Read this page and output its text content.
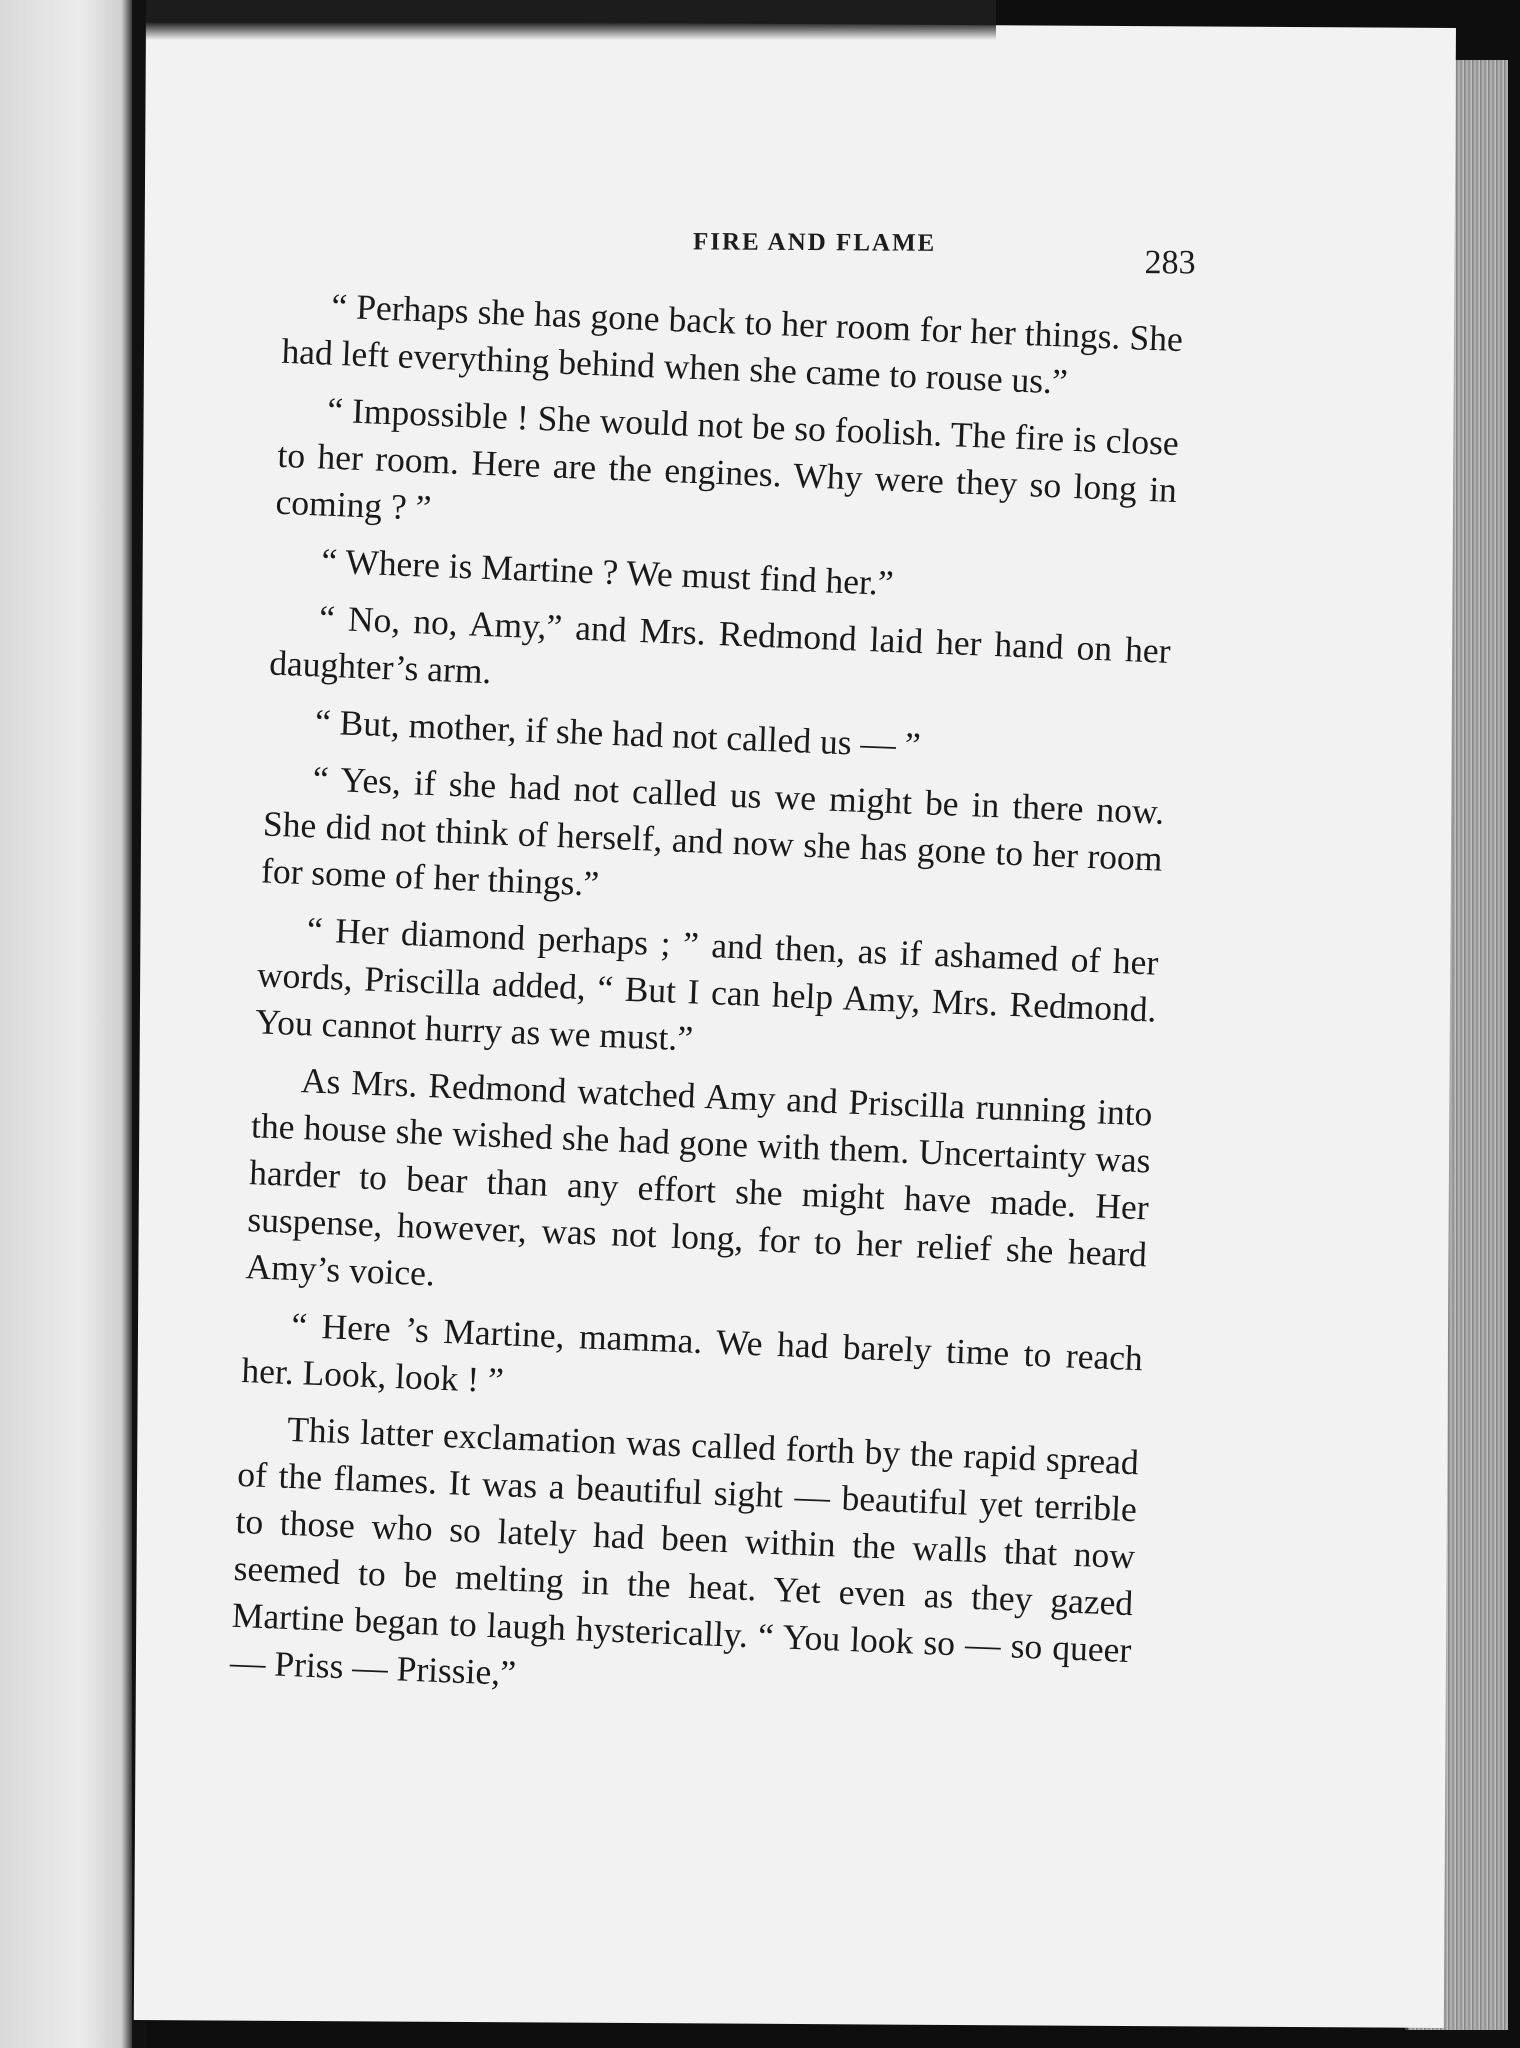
FIRE AND FLAME
283

“ Perhaps she has gone back to her room for her things. She had left everything behind when she came to rouse us.”

“ Impossible ! She would not be so foolish. The fire is close to her room. Here are the engines. Why were they so long in coming ? ”

“ Where is Martine ? We must find her.”

“ No, no, Amy,” and Mrs. Redmond laid her hand on her daughter’s arm.

“ But, mother, if she had not called us — ”

“ Yes, if she had not called us we might be in there now. She did not think of herself, and now she has gone to her room for some of her things.”

“ Her diamond perhaps ; ” and then, as if ashamed of her words, Priscilla added, “ But I can help Amy, Mrs. Redmond. You cannot hurry as we must.”

As Mrs. Redmond watched Amy and Priscilla running into the house she wished she had gone with them. Uncertainty was harder to bear than any effort she might have made. Her suspense, however, was not long, for to her relief she heard Amy’s voice.

“ Here ’s Martine, mamma. We had barely time to reach her. Look, look ! ”

This latter exclamation was called forth by the rapid spread of the flames. It was a beautiful sight — beautiful yet terrible to those who so lately had been within the walls that now seemed to be melting in the heat. Yet even as they gazed Martine began to laugh hysterically. “ You look so — so queer — Priss — Prissie,”
